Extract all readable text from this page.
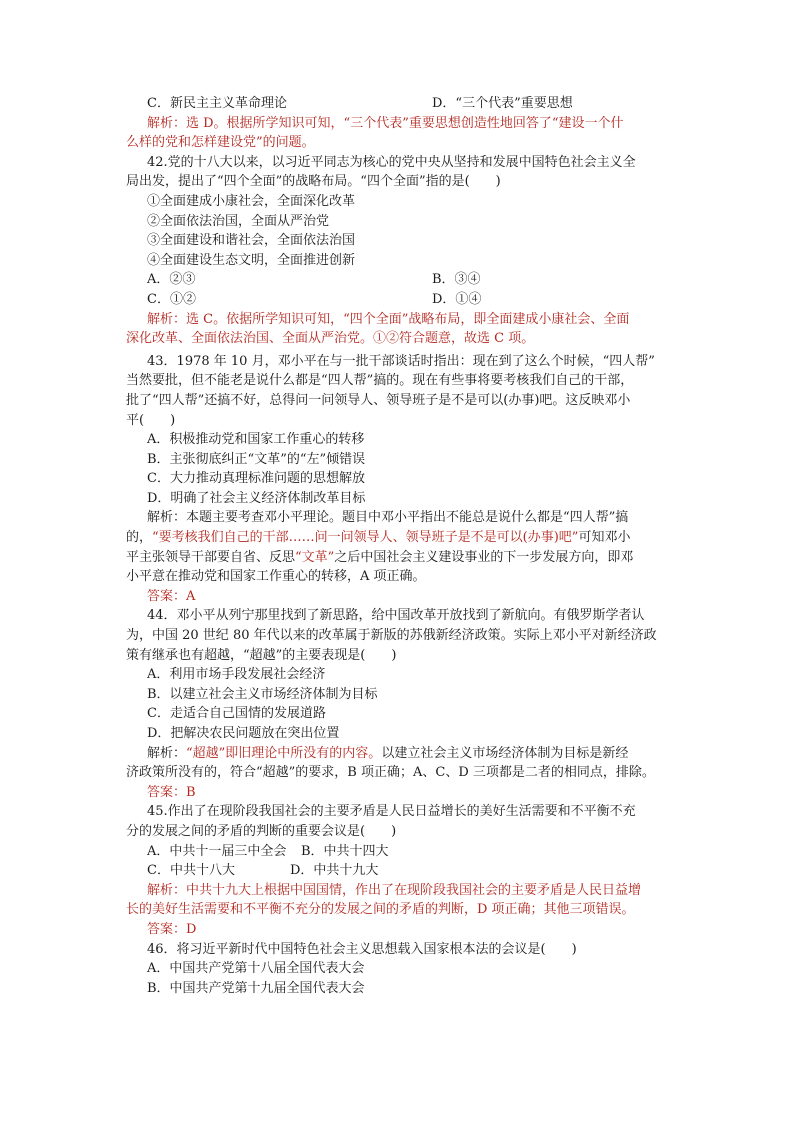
C．新民主主义革命理论	D．“三个代表”重要思想
解析：选 D。根据所学知识可知，“三个代表”重要思想创造性地回答了“建设一个什
么样的党和怎样建设党”的问题。
42.党的十八大以来，以习近平同志为核心的党中央从坚持和发展中国特色社会主义全
局出发，提出了“四个全面”的战略布局。“四个全面”指的是(　　)
①全面建成小康社会，全面深化改革
②全面依法治国，全面从严治党
③全面建设和谐社会，全面依法治国
④全面建设生态文明，全面推进创新
A．②③	B．③④
C．①②	D．①④
解析：选 C。依据所学知识可知，“四个全面”战略布局，即全面建成小康社会、全面
深化改革、全面依法治国、全面从严治党。①②符合题意，故选 C 项。
43．1978 年 10 月，邓小平在与一批干部谈话时指出：现在到了这么个时候，“四人帮”
当然要批，但不能老是说什么都是“四人帮”搞的。现在有些事将要考核我们自己的干部，
批了“四人帮”还搞不好，总得问一问领导人、领导班子是不是可以(办事)吧。这反映邓小
平(　　)
A．积极推动党和国家工作重心的转移
B．主张彻底纠正“文革”的“左”倾错误
C．大力推动真理标准问题的思想解放
D．明确了社会主义经济体制改革目标
解析：本题主要考查邓小平理论。题目中邓小平指出不能总是说什么都是“四人帮”搞
的，“要考核我们自己的干部……问一问领导人、领导班子是不是可以(办事)吧”可知邓小
平主张领导干部要自省、反思“文革”之后中国社会主义建设事业的下一步发展方向，即邓
小平意在推动党和国家工作重心的转移，A 项正确。
答案：A
44．邓小平从列宁那里找到了新思路，给中国改革开放找到了新航向。有俄罗斯学者认
为，中国 20 世纪 80 年代以来的改革属于新版的苏俄新经济政策。实际上邓小平对新经济政
策有继承也有超越，“超越”的主要表现是(　　)
A．利用市场手段发展社会经济
B．以建立社会主义市场经济体制为目标
C．走适合自己国情的发展道路
D．把解决农民问题放在突出位置
解析：“超越”即旧理论中所没有的内容。以建立社会主义市场经济体制为目标是新经
济政策所没有的，符合“超越”的要求，B 项正确；A、C、D 三项都是二者的相同点，排除。
答案：B
45.作出了在现阶段我国社会的主要矛盾是人民日益增长的美好生活需要和不平衡不充
分的发展之间的矛盾的判断的重要会议是(　　)
A．中共十一届三中全会	B．中共十四大
C．中共十八大	D．中共十九大
解析：中共十九大上根据中国国情，作出了在现阶段我国社会的主要矛盾是人民日益增
长的美好生活需要和不平衡不充分的发展之间的矛盾的判断，D 项正确；其他三项错误。
答案：D
46．将习近平新时代中国特色社会主义思想载入国家根本法的会议是(　　)
A．中国共产党第十八届全国代表大会
B．中国共产党第十九届全国代表大会
